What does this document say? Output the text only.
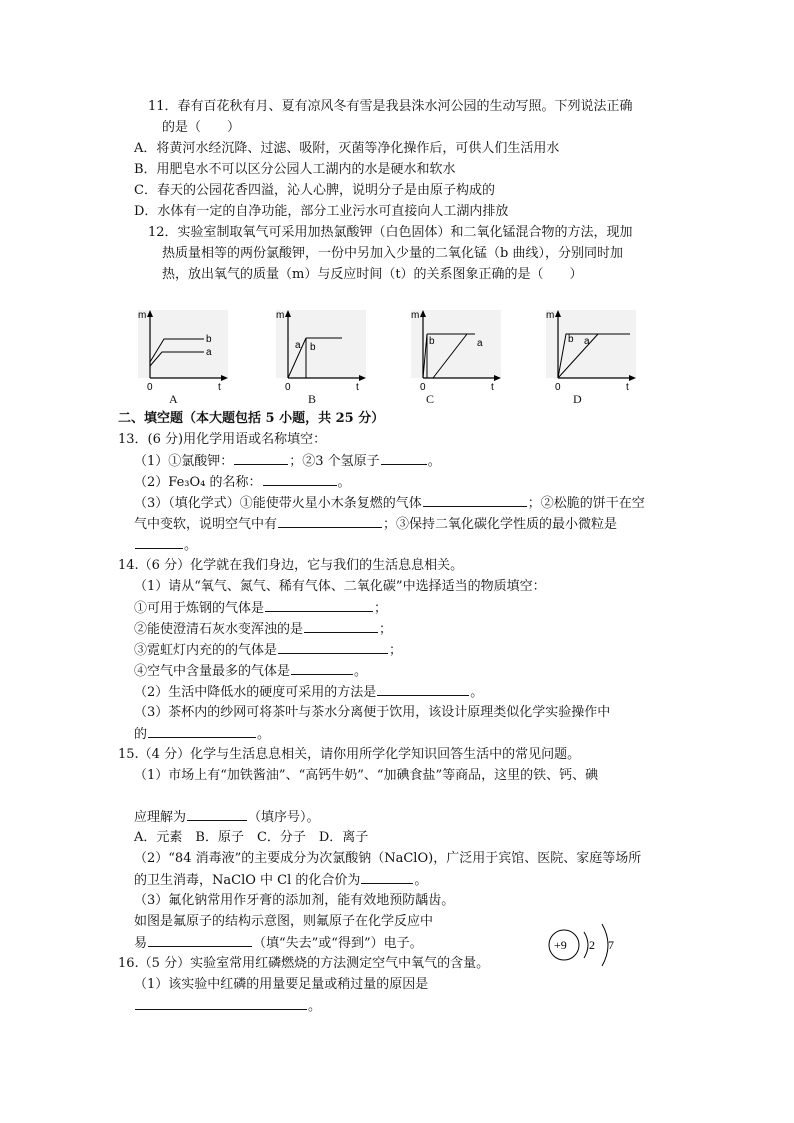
11．春有百花秋有月、夏有凉风冬有雪是我县洙水河公园的生动写照。下列说法正确
的是（　　）
A．将黄河水经沉降、过滤、吸附，灭菌等净化操作后，可供人们生活用水
B．用肥皂水不可以区分公园人工湖内的水是硬水和软水
C．春天的公园花香四溢，沁人心脾，说明分子是由原子构成的
D．水体有一定的自净功能，部分工业污水可直接向人工湖内排放
12．实验室制取氧气可采用加热氯酸钾（白色固体）和二氧化锰混合物的方法，现加
热质量相等的两份氯酸钾，一份中另加入少量的二氧化锰（b 曲线），分别同时加
热，放出氧气的质量（m）与反应时间（t）的关系图象正确的是（　　）
m
b
a
0	t
A
m
a b
0	t
B
m
b	a
0	t
C
m
b a
0	t
D
二、填空题（本大题包括 5 小题，共 25 分）
13．(6 分)用化学用语或名称填空：
（1）①氯酸钾：	；②3 个氢原子	。
（2）Fe₃O₄ 的名称：	。
（3）（填化学式）①能使带火星小木条复燃的气体	；②松脆的饼干在空
气中变软，说明空气中有	；③保持二氧化碳化学性质的最小微粒是
。
14.（6 分）化学就在我们身边，它与我们的生活息息相关。
（1）请从“氧气、氮气、稀有气体、二氧化碳”中选择适当的物质填空：
①可用于炼钢的气体是	；
②能使澄清石灰水变浑浊的是	；
③霓虹灯内充的的气体是	；
④空气中含量最多的气体是	。
（2）生活中降低水的硬度可采用的方法是	。
（3）茶杯内的纱网可将茶叶与茶水分离便于饮用，该设计原理类似化学实验操作中
的	。
15.（4 分）化学与生活息息相关，请你用所学化学知识回答生活中的常见问题。
（1）市场上有“加铁酱油”、“高钙牛奶”、“加碘食盐”等商品，这里的铁、钙、碘
应理解为	（填序号）。
A．元素　B．原子　C．分子　D．离子
（2）“84 消毒液”的主要成分为次氯酸钠（NaClO)，广泛用于宾馆、医院、家庭等场所
的卫生消毒，NaClO 中 Cl 的化合价为	。
（3）氟化钠常用作牙膏的添加剂，能有效地预防龋齿。
如图是氟原子的结构示意图，则氟原子在化学反应中
易	（填“失去”或“得到”）电子。	+9 2 7
16.（5 分）实验室常用红磷燃烧的方法测定空气中氧气的含量。
（1）该实验中红磷的用量要足量或稍过量的原因是
。
